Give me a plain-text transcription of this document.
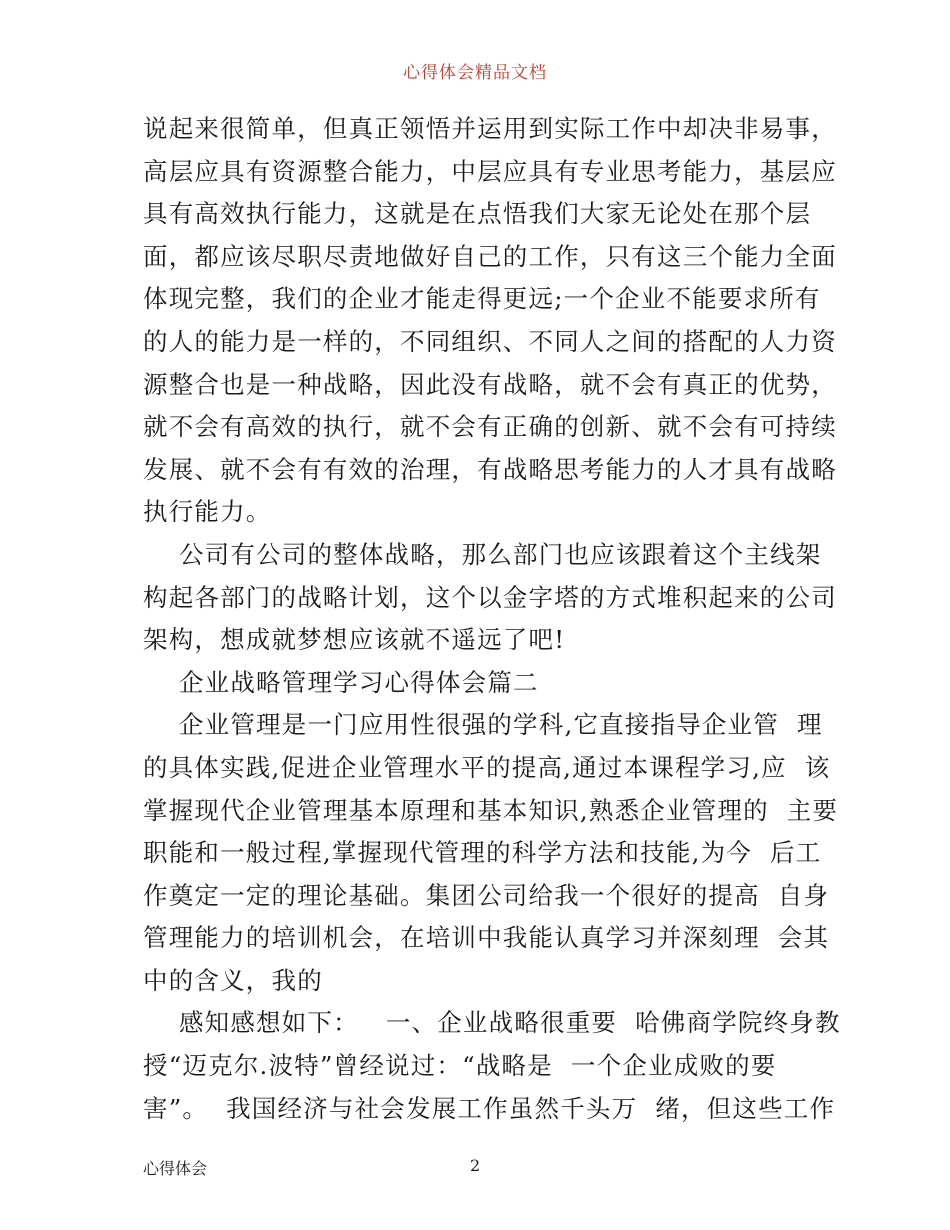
心得体会精品文档
说起来很简单，但真正领悟并运用到实际工作中却决非易事，
高层应具有资源整合能力，中层应具有专业思考能力，基层应
具有高效执行能力，这就是在点悟我们大家无论处在那个层
面，都应该尽职尽责地做好自己的工作，只有这三个能力全面
体现完整，我们的企业才能走得更远;一个企业不能要求所有
的人的能力是一样的，不同组织、不同人之间的搭配的人力资
源整合也是一种战略，因此没有战略，就不会有真正的优势，
就不会有高效的执行，就不会有正确的创新、就不会有可持续
发展、就不会有有效的治理，有战略思考能力的人才具有战略
执行能力。
公司有公司的整体战略，那么部门也应该跟着这个主线架
构起各部门的战略计划，这个以金字塔的方式堆积起来的公司
架构，想成就梦想应该就不遥远了吧!
企业战略管理学习心得体会篇二
企业管理是一门应用性很强的学科,它直接指导企业管  理
的具体实践,促进企业管理水平的提高,通过本课程学习,应  该
掌握现代企业管理基本原理和基本知识,熟悉企业管理的  主要
职能和一般过程,掌握现代管理的科学方法和技能,为今  后工
作奠定一定的理论基础。集团公司给我一个很好的提高  自身
管理能力的培训机会，在培训中我能认真学习并深刻理  会其
中的含义，我的
感知感想如下：   一、企业战略很重要  哈佛商学院终身教
授“迈克尔.波特”曾经说过：“战略是  一个企业成败的要
害”。  我国经济与社会发展工作虽然千头万  绪，但这些工作
心得体会	2
